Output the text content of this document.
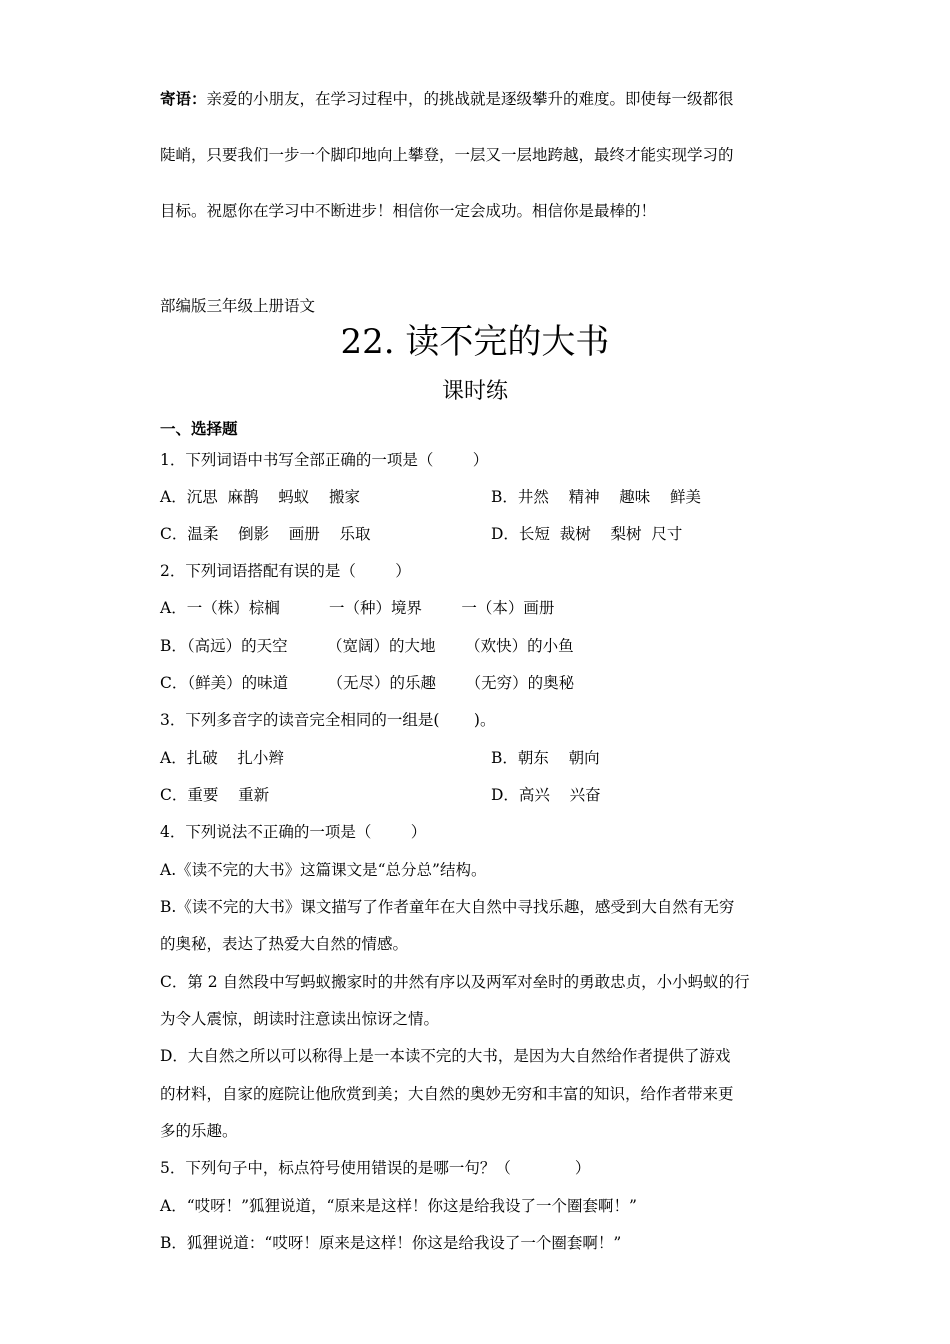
寄语：亲爱的小朋友，在学习过程中，的挑战就是逐级攀升的难度。即使每一级都很
陡峭，只要我们一步一个脚印地向上攀登，一层又一层地跨越，最终才能实现学习的
目标。祝愿你在学习中不断进步！相信你一定会成功。相信你是最棒的！
部编版三年级上册语文
22. 读不完的大书
课时练
一、选择题
1．下列词语中书写全部正确的一项是（        ）
A．沉思  麻鹊    蚂蚁    搬家	B．井然    精神    趣味    鲜美
C．温柔    倒影    画册    乐取	D．长短  裁树    梨树  尺寸
2．下列词语搭配有误的是（        ）
A．一（株）棕榈          一（种）境界        一（本）画册
B．（高远）的天空        （宽阔）的大地      （欢快）的小鱼
C．（鲜美）的味道        （无尽）的乐趣      （无穷）的奥秘
3．下列多音字的读音完全相同的一组是(       )。
A．扎破    扎小辫	B．朝东    朝向
C．重要    重新	D．高兴    兴奋
4．下列说法不正确的一项是（        ）
A.《读不完的大书》这篇课文是“总分总”结构。
B.《读不完的大书》课文描写了作者童年在大自然中寻找乐趣，感受到大自然有无穷
的奥秘，表达了热爱大自然的情感。
C．第 2 自然段中写蚂蚁搬家时的井然有序以及两军对垒时的勇敢忠贞，小小蚂蚁的行
为令人震惊，朗读时注意读出惊讶之情。
D．大自然之所以可以称得上是一本读不完的大书，是因为大自然给作者提供了游戏
的材料，自家的庭院让他欣赏到美；大自然的奥妙无穷和丰富的知识，给作者带来更
多的乐趣。
5．下列句子中，标点符号使用错误的是哪一句？（             ）
A．“哎呀！”狐狸说道，“原来是这样！你这是给我设了一个圈套啊！”
B．狐狸说道：“哎呀！原来是这样！你这是给我设了一个圈套啊！”
